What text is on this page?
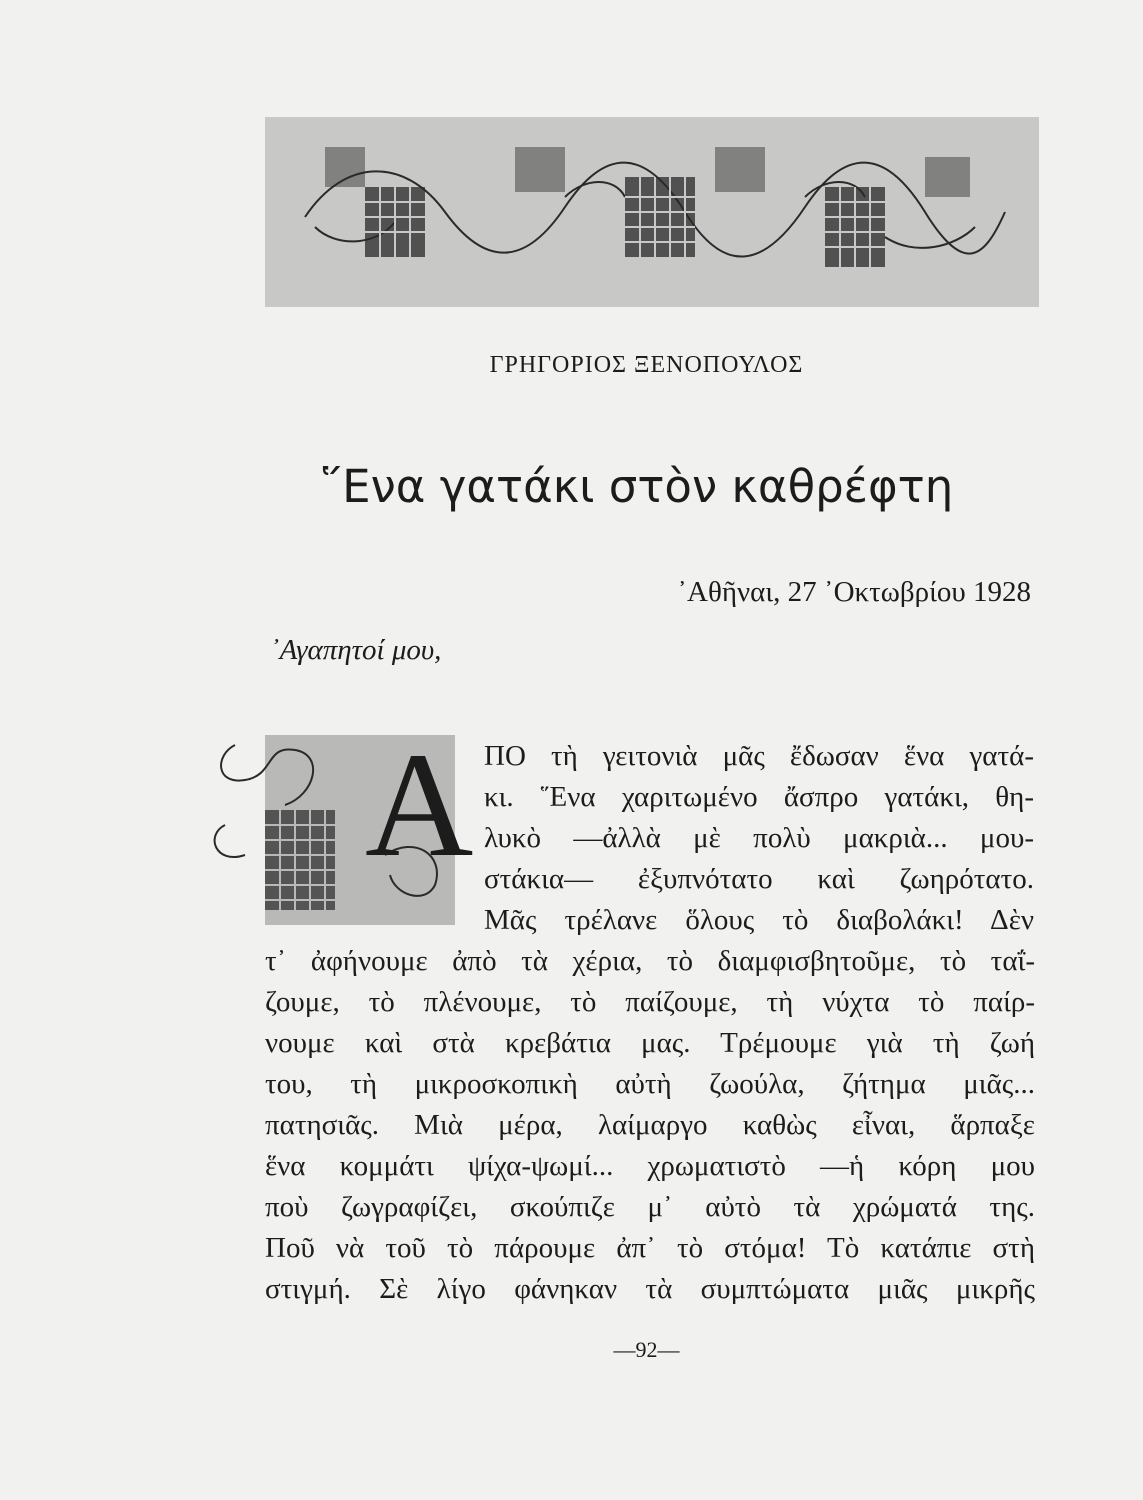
ΓΡΗΓΟΡΙΟΣ ΞΕΝΟΠΟΥΛΟΣ
῞Ενα γατάκι στὸν καθρέφτη
᾿Αθῆναι, 27 ᾿Οκτωβρίου 1928
᾿Αγαπητοί μου,
Α ΠΟ τὴ γειτονιὰ μᾶς ἔδωσαν ἕνα γατά-
κι. ῞Ενα χαριτωμένο ἄσπρο γατάκι, θη-
λυκὸ —ἀλλὰ μὲ πολὺ μακριὰ... μου-
στάκια— ἐξυπνότατο καὶ ζωηρότατο.
Μᾶς τρέλανε ὅλους τὸ διαβολάκι! Δὲν
τ᾿ ἀφήνουμε ἀπὸ τὰ χέρια, τὸ διαμφισβητοῦμε, τὸ ταΐ-
ζουμε, τὸ πλένουμε, τὸ παίζουμε, τὴ νύχτα τὸ παίρ-
νουμε καὶ στὰ κρεβάτια μας. Τρέμουμε γιὰ τὴ ζωή
του, τὴ μικροσκοπικὴ αὐτὴ ζωούλα, ζήτημα μιᾶς...
πατησιᾶς. Μιὰ μέρα, λαίμαργο καθὼς εἶναι, ἅρπαξε
ἕνα κομμάτι ψίχα-ψωμί... χρωματιστὸ —ἡ κόρη μου
ποὺ ζωγραφίζει, σκούπιζε μ᾿ αὐτὸ τὰ χρώματά της.
Ποῦ νὰ τοῦ τὸ πάρουμε ἀπ᾿ τὸ στόμα! Τὸ κατάπιε στὴ
στιγμή. Σὲ λίγο φάνηκαν τὰ συμπτώματα μιᾶς μικρῆς
—92—
